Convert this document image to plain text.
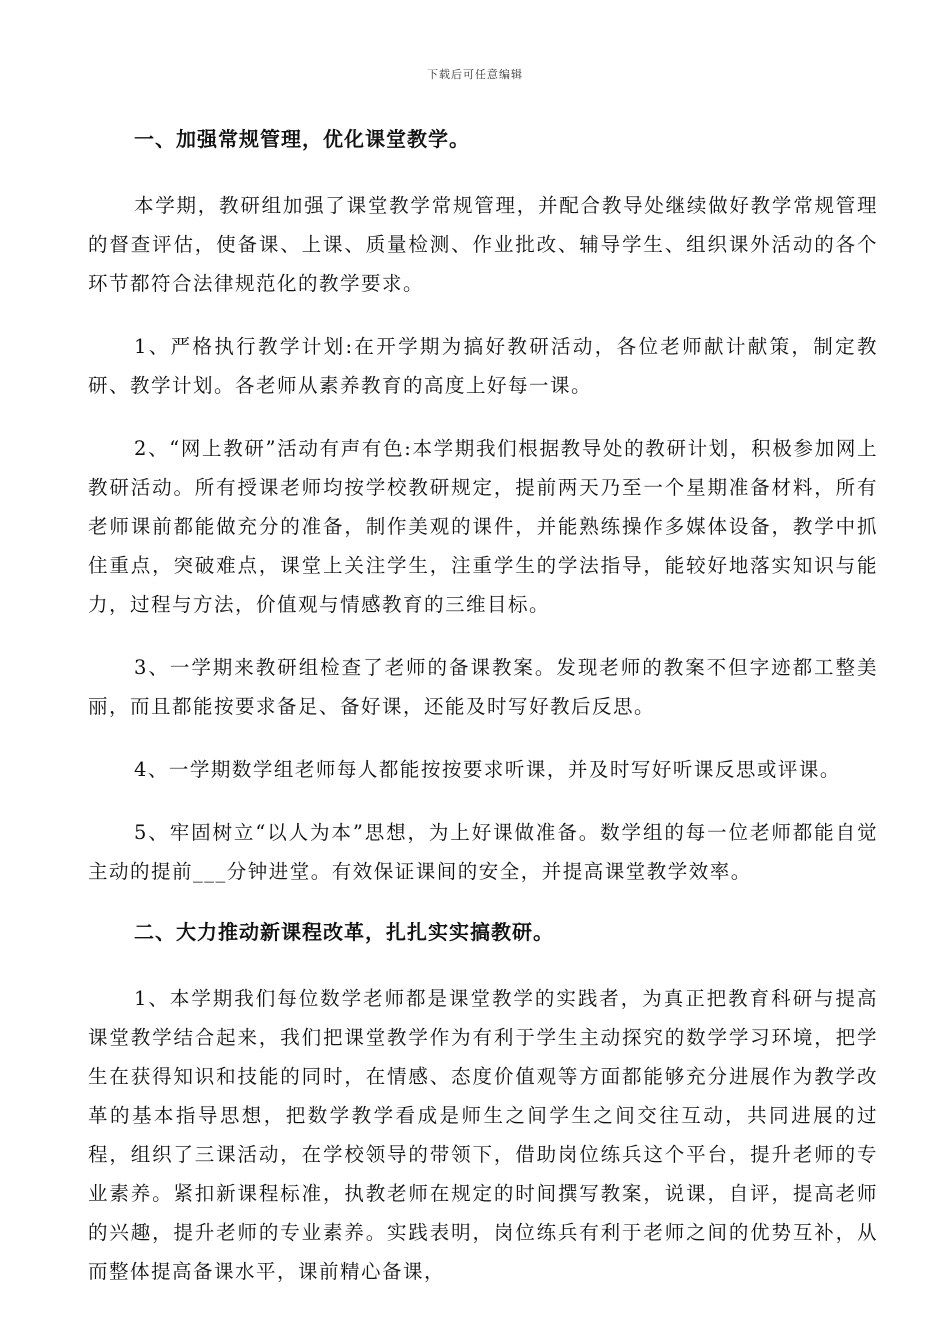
下载后可任意编辑
一、加强常规管理，优化课堂教学。

本学期，教研组加强了课堂教学常规管理，并配合教导处继续做好教学常规管理的督查评估，使备课、上课、质量检测、作业批改、辅导学生、组织课外活动的各个环节都符合法律规范化的教学要求。

1、严格执行教学计划:在开学期为搞好教研活动，各位老师献计献策，制定教研、教学计划。各老师从素养教育的高度上好每一课。

2、“网上教研”活动有声有色:本学期我们根据教导处的教研计划，积极参加网上教研活动。所有授课老师均按学校教研规定，提前两天乃至一个星期准备材料，所有老师课前都能做充分的准备，制作美观的课件，并能熟练操作多媒体设备，教学中抓住重点，突破难点，课堂上关注学生，注重学生的学法指导，能较好地落实知识与能力，过程与方法，价值观与情感教育的三维目标。

3、一学期来教研组检查了老师的备课教案。发现老师的教案不但字迹都工整美丽，而且都能按要求备足、备好课，还能及时写好教后反思。

4、一学期数学组老师每人都能按按要求听课，并及时写好听课反思或评课。

5、牢固树立“以人为本”思想，为上好课做准备。数学组的每一位老师都能自觉主动的提前___分钟进堂。有效保证课间的安全，并提高课堂教学效率。

二、大力推动新课程改革，扎扎实实搞教研。

1、本学期我们每位数学老师都是课堂教学的实践者，为真正把教育科研与提高课堂教学结合起来，我们把课堂教学作为有利于学生主动探究的数学学习环境，把学生在获得知识和技能的同时，在情感、态度价值观等方面都能够充分进展作为教学改革的基本指导思想，把数学教学看成是师生之间学生之间交往互动，共同进展的过程，组织了三课活动，在学校领导的带领下，借助岗位练兵这个平台，提升老师的专业素养。紧扣新课程标准，执教老师在规定的时间撰写教案，说课，自评，提高老师的兴趣，提升老师的专业素养。实践表明，岗位练兵有利于老师之间的优势互补，从而整体提高备课水平，课前精心备课，
